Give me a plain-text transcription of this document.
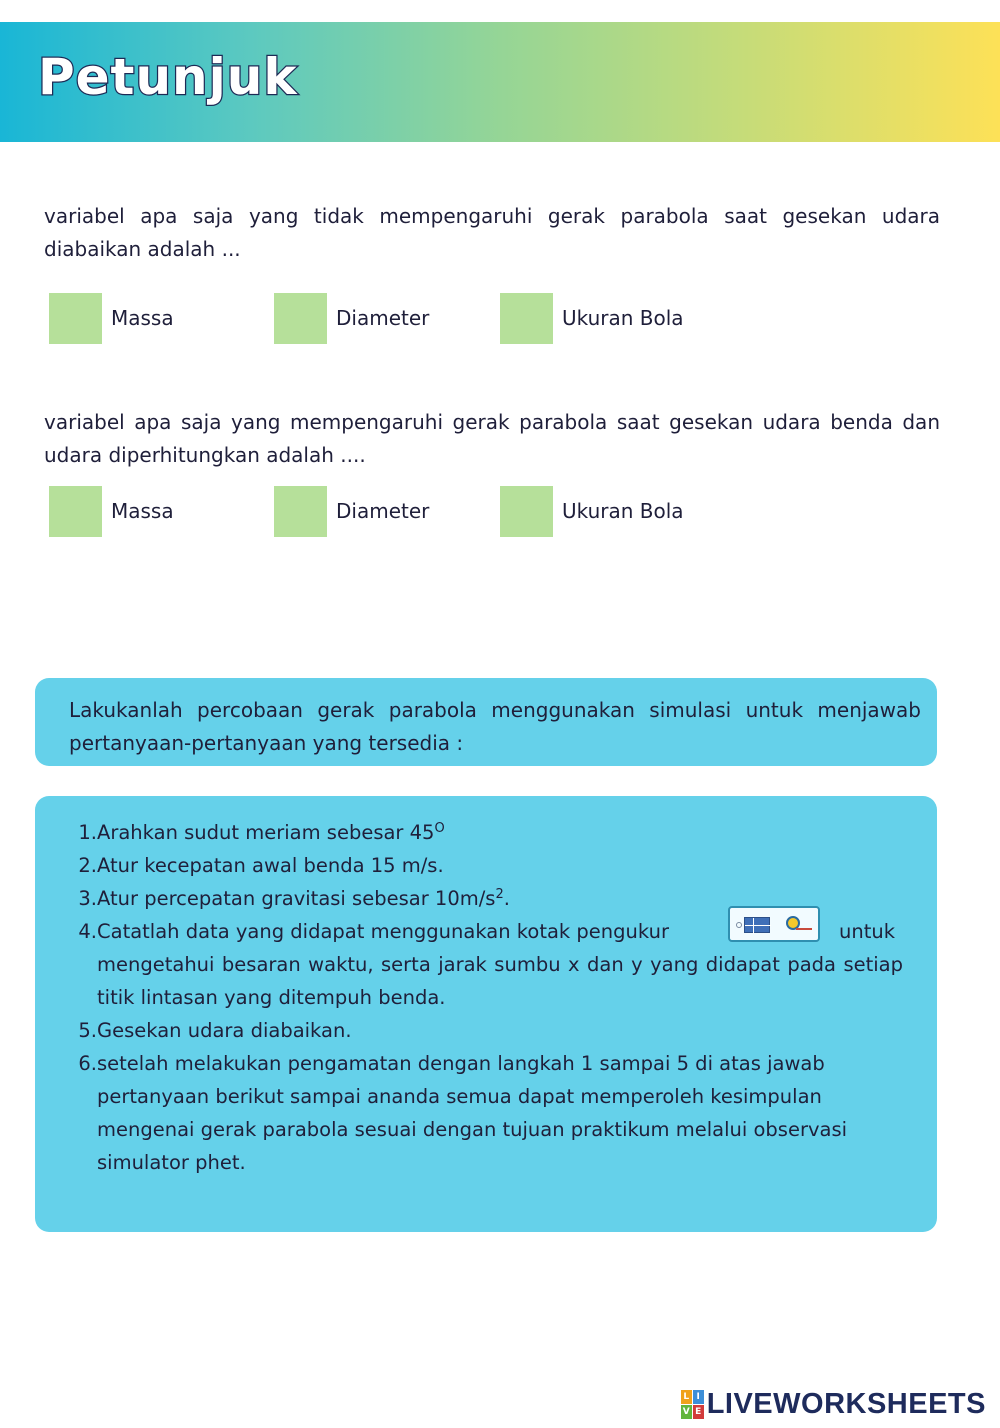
Petunjuk
variabel apa saja yang tidak mempengaruhi gerak parabola saat gesekan udara diabaikan adalah ...
Massa	Diameter	Ukuran Bola
variabel apa saja yang mempengaruhi gerak parabola saat gesekan udara benda dan udara diperhitungkan adalah ....
Massa	Diameter	Ukuran Bola
Lakukanlah percobaan gerak parabola menggunakan simulasi untuk menjawab pertanyaan-pertanyaan yang tersedia :
1. Arahkan sudut meriam sebesar $45^O$
2. Atur kecepatan awal benda 15 m/s.
3. Atur percepatan gravitasi sebesar $10m/s^2$.
4. Catatlah data yang didapat menggunakan kotak pengukur	untuk mengetahui besaran waktu, serta jarak sumbu x dan y yang didapat pada setiap titik lintasan yang ditempuh benda.
5. Gesekan udara diabaikan.
6. setelah melakukan pengamatan dengan langkah 1 sampai 5 di atas jawab pertanyaan berikut sampai ananda semua dapat memperoleh kesimpulan mengenai gerak parabola sesuai dengan tujuan praktikum melalui observasi simulator phet.
L I
V E LIVEWORKSHEETS
